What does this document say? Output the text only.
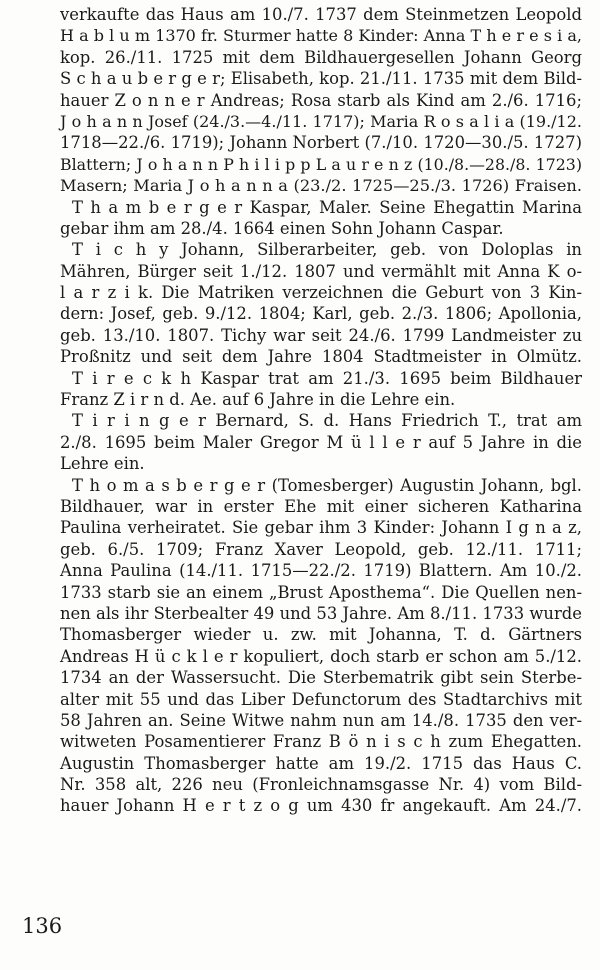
verkaufte das Haus am 10./7. 1737 dem Steinmetzen Leopold
H a b l u m 1370 fr. Sturmer hatte 8 Kinder: Anna T h e r e s i a,
kop. 26./11. 1725 mit dem Bildhauergesellen Johann Georg
S c h a u b e r g e r; Elisabeth, kop. 21./11. 1735 mit dem Bild-
hauer Z o n n e r Andreas; Rosa starb als Kind am 2./6. 1716;
J o h a n n Josef (24./3.—4./11. 1717); Maria R o s a l i a (19./12.
1718—22./6. 1719); Johann Norbert (7./10. 1720—30./5. 1727)
Blattern; J o h a n n P h i l i p p L a u r e n z (10./8.—28./8. 1723)
Masern; Maria J o h a n n a (23./2. 1725—25./3. 1726) Fraisen.
T h a m b e r g e r Kaspar, Maler. Seine Ehegattin Marina
gebar ihm am 28./4. 1664 einen Sohn Johann Caspar.
T i c h y Johann, Silberarbeiter, geb. von Doloplas in
Mähren, Bürger seit 1./12. 1807 und vermählt mit Anna K o-
l a r z i k. Die Matriken verzeichnen die Geburt von 3 Kin-
dern: Josef, geb. 9./12. 1804; Karl, geb. 2./3. 1806; Apollonia,
geb. 13./10. 1807. Tichy war seit 24./6. 1799 Landmeister zu
Proßnitz und seit dem Jahre 1804 Stadtmeister in Olmütz.
T i r e c k h Kaspar trat am 21./3. 1695 beim Bildhauer
Franz Z i r n d. Ae. auf 6 Jahre in die Lehre ein.
T i r i n g e r Bernard, S. d. Hans Friedrich T., trat am
2./8. 1695 beim Maler Gregor M ü l l e r auf 5 Jahre in die
Lehre ein.
T h o m a s b e r g e r (Tomesberger) Augustin Johann, bgl.
Bildhauer, war in erster Ehe mit einer sicheren Katharina
Paulina verheiratet. Sie gebar ihm 3 Kinder: Johann I g n a z,
geb. 6./5. 1709; Franz Xaver Leopold, geb. 12./11. 1711;
Anna Paulina (14./11. 1715—22./2. 1719) Blattern. Am 10./2.
1733 starb sie an einem „Brust Aposthema“. Die Quellen nen-
nen als ihr Sterbealter 49 und 53 Jahre. Am 8./11. 1733 wurde
Thomasberger wieder u. zw. mit Johanna, T. d. Gärtners
Andreas H ü c k l e r kopuliert, doch starb er schon am 5./12.
1734 an der Wassersucht. Die Sterbematrik gibt sein Sterbe-
alter mit 55 und das Liber Defunctorum des Stadtarchivs mit
58 Jahren an. Seine Witwe nahm nun am 14./8. 1735 den ver-
witweten Posamentierer Franz B ö n i s c h zum Ehegatten.
Augustin Thomasberger hatte am 19./2. 1715 das Haus C.
Nr. 358 alt, 226 neu (Fronleichnamsgasse Nr. 4) vom Bild-
hauer Johann H e r t z o g um 430 fr angekauft. Am 24./7.
136
